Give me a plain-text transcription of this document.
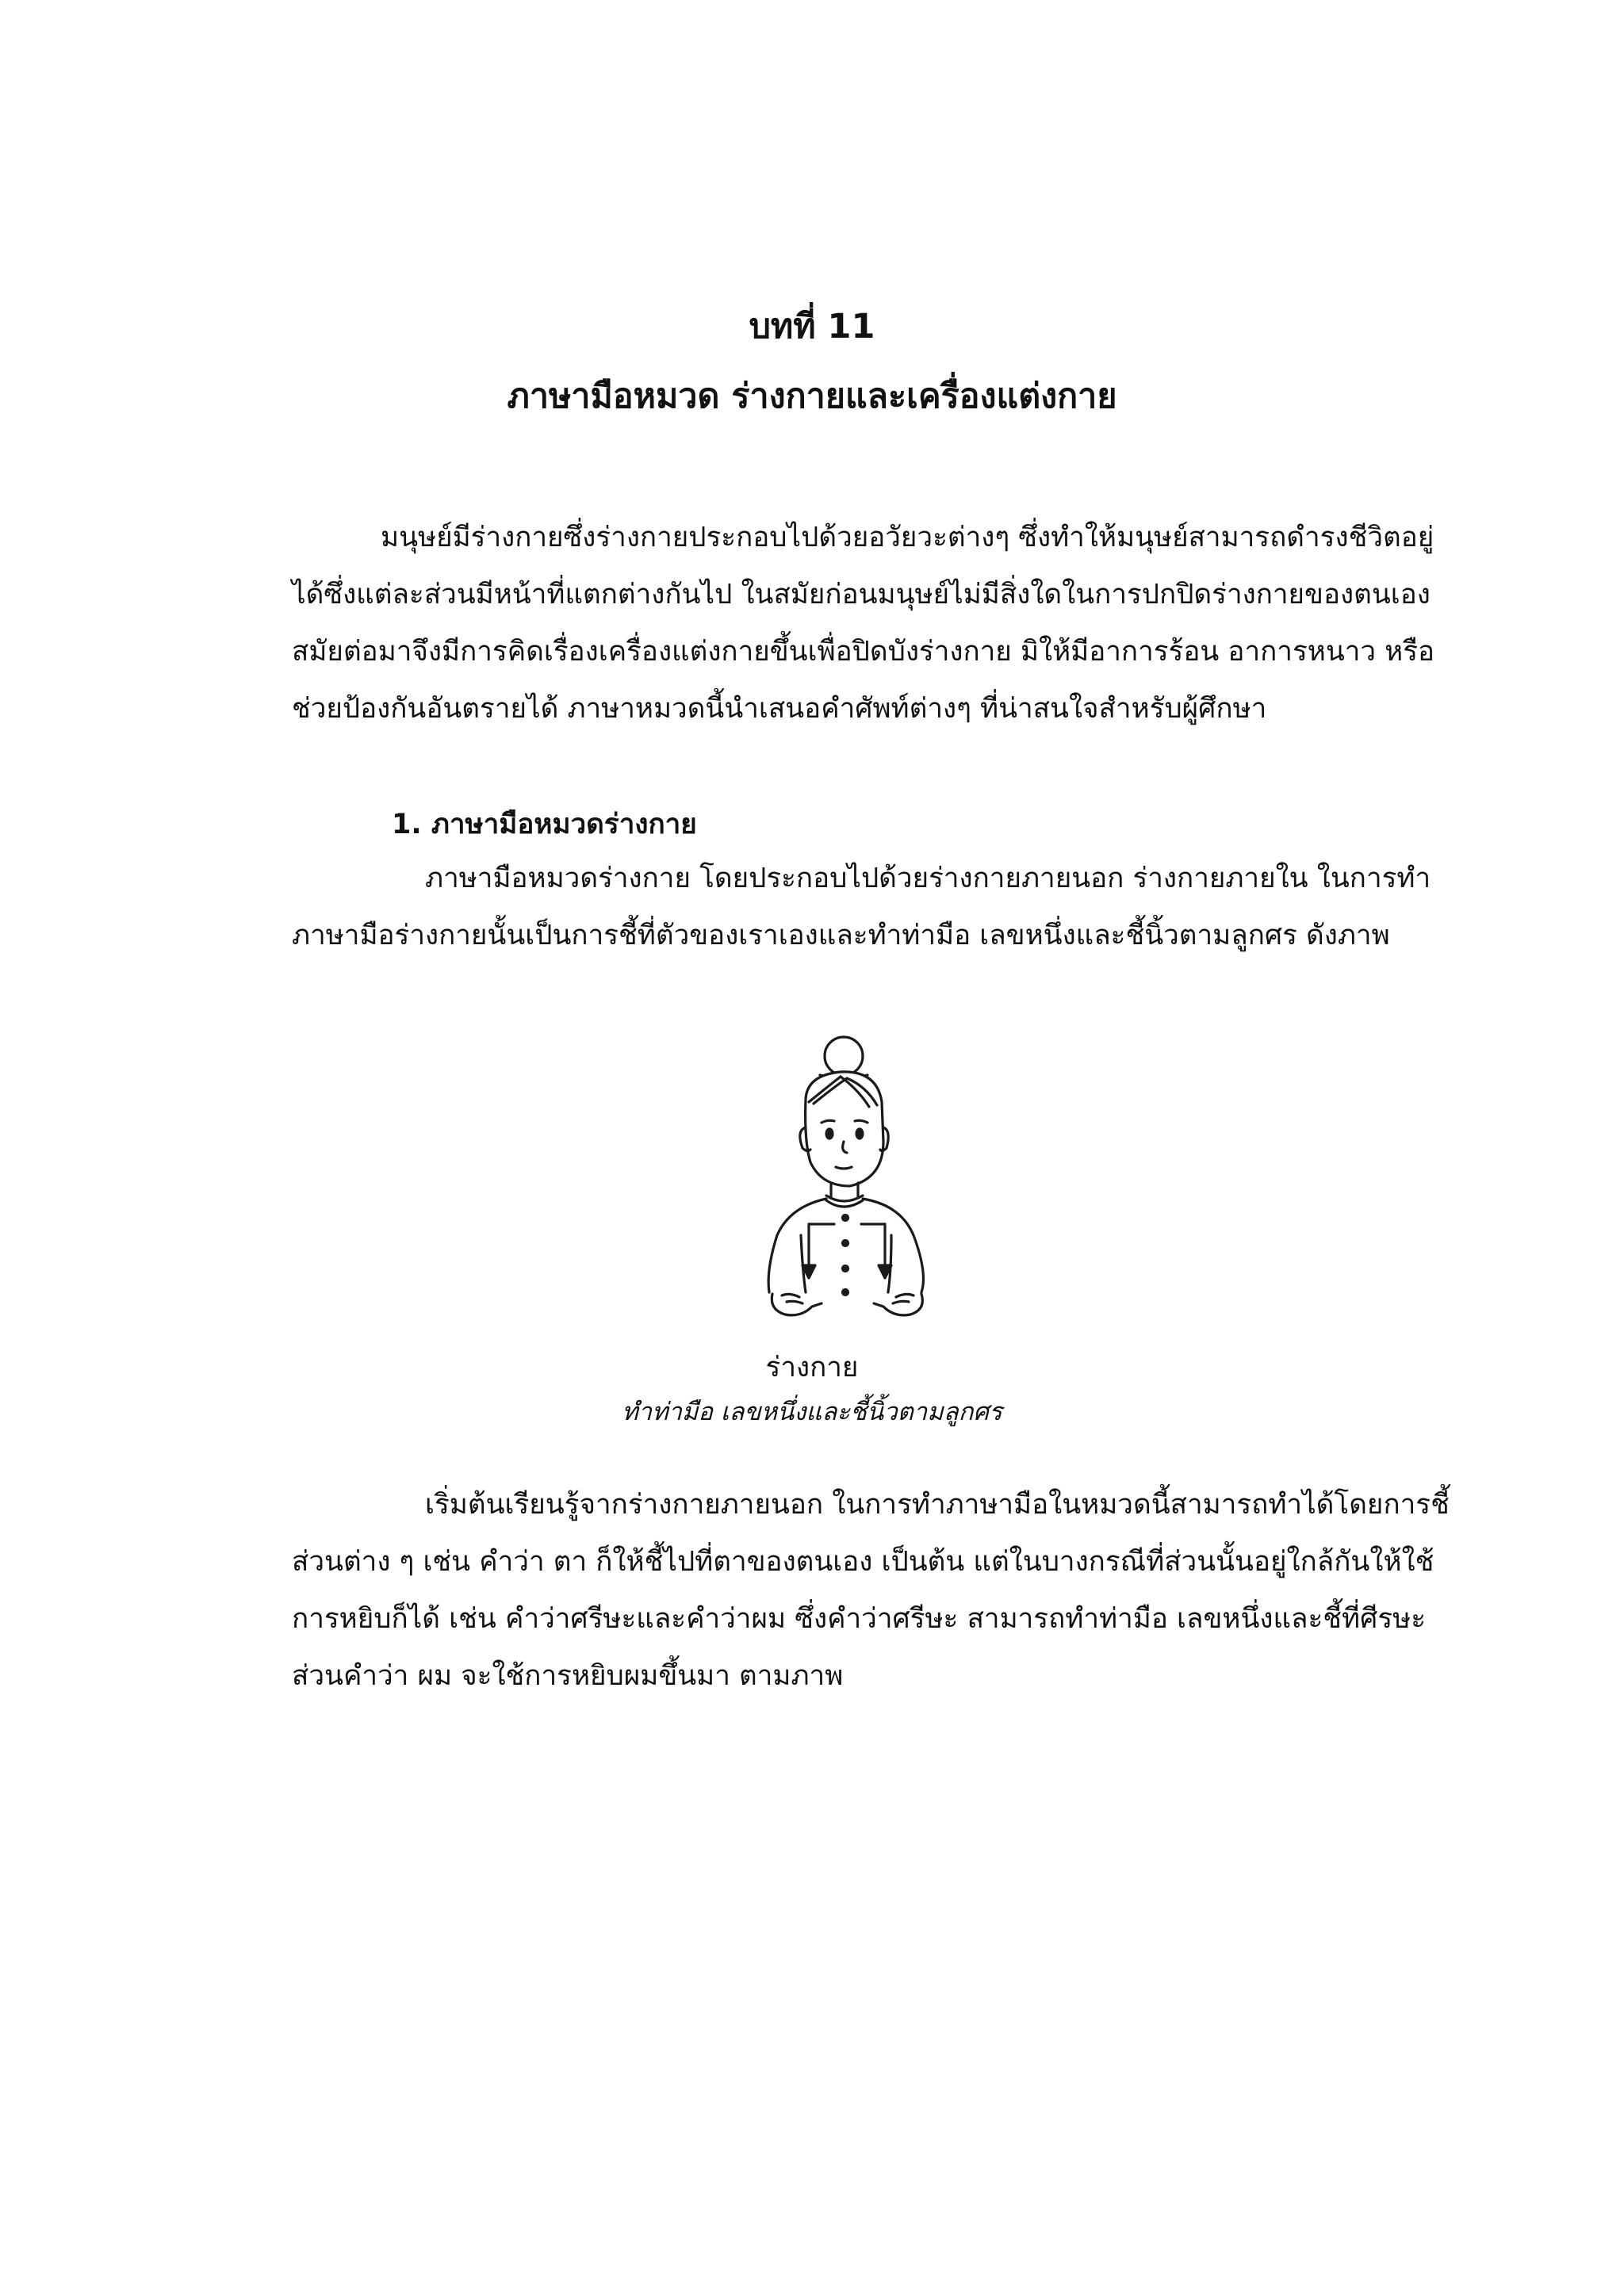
บทที่ 11
ภาษามือหมวด ร่างกายและเครื่องแต่งกาย

มนุษย์มีร่างกายซึ่งร่างกายประกอบไปด้วยอวัยวะต่างๆ ซึ่งทำให้มนุษย์สามารถดำรงชีวิตอยู่
ได้ซึ่งแต่ละส่วนมีหน้าที่แตกต่างกันไป ในสมัยก่อนมนุษย์ไม่มีสิ่งใดในการปกปิดร่างกายของตนเอง
สมัยต่อมาจึงมีการคิดเรื่องเครื่องแต่งกายขึ้นเพื่อปิดบังร่างกาย มิให้มีอาการร้อน อาการหนาว หรือ
ช่วยป้องกันอันตรายได้ ภาษาหมวดนี้นำเสนอคำศัพท์ต่างๆ ที่น่าสนใจสำหรับผู้ศึกษา

1. ภาษามือหมวดร่างกาย

ภาษามือหมวดร่างกาย โดยประกอบไปด้วยร่างกายภายนอก ร่างกายภายใน ในการทำ
ภาษามือร่างกายนั้นเป็นการชี้ที่ตัวของเราเองและทำท่ามือ เลขหนึ่งและชี้นิ้วตามลูกศร ดังภาพ

ร่างกาย
ทำท่ามือ เลขหนึ่งและชี้นิ้วตามลูกศร

เริ่มต้นเรียนรู้จากร่างกายภายนอก ในการทำภาษามือในหมวดนี้สามารถทำได้โดยการชี้
ส่วนต่าง ๆ เช่น คำว่า ตา ก็ให้ชี้ไปที่ตาของตนเอง เป็นต้น แต่ในบางกรณีที่ส่วนนั้นอยู่ใกล้กันให้ใช้
การหยิบก็ได้ เช่น คำว่าศรีษะและคำว่าผม ซึ่งคำว่าศรีษะ สามารถทำท่ามือ เลขหนึ่งและชี้ที่ศีรษะ
ส่วนคำว่า ผม จะใช้การหยิบผมขึ้นมา ตามภาพ
